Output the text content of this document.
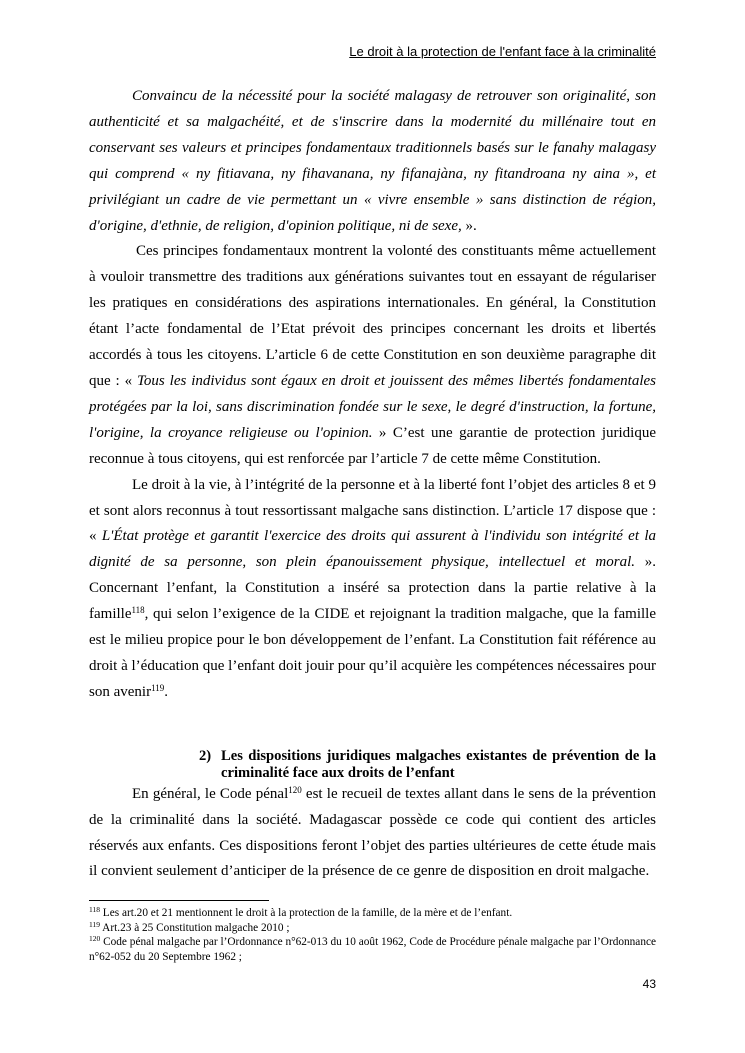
Le droit à la protection de l'enfant face à la criminalité

Convaincu de la nécessité pour la société malagasy de retrouver son originalité, son authenticité et sa malgachéité, et de s'inscrire dans la modernité du millénaire tout en conservant ses valeurs et principes fondamentaux traditionnels basés sur le fanahy malagasy qui comprend « ny fitiavana, ny fihavanana, ny fifanajàna, ny fitandroana ny aina », et privilégiant un cadre de vie permettant un « vivre ensemble » sans distinction de région, d'origine, d'ethnie, de religion, d'opinion politique, ni de sexe, ».

Ces principes fondamentaux montrent la volonté des constituants même actuellement à vouloir transmettre des traditions aux générations suivantes tout en essayant de régulariser les pratiques en considérations des aspirations internationales. En général, la Constitution étant l’acte fondamental de l’Etat prévoit des principes concernant les droits et libertés accordés à tous les citoyens. L’article 6 de cette Constitution en son deuxième paragraphe dit que : « Tous les individus sont égaux en droit et jouissent des mêmes libertés fondamentales protégées par la loi, sans discrimination fondée sur le sexe, le degré d'instruction, la fortune, l'origine, la croyance religieuse ou l'opinion. » C’est une garantie de protection juridique reconnue à tous citoyens, qui est renforcée par l’article 7 de cette même Constitution.

Le droit à la vie, à l’intégrité de la personne et à la liberté font l’objet des articles 8 et 9 et sont alors reconnus à tout ressortissant malgache sans distinction. L’article 17 dispose que : « L'État protège et garantit l'exercice des droits qui assurent à l'individu son intégrité et la dignité de sa personne, son plein épanouissement physique, intellectuel et moral. ». Concernant l’enfant, la Constitution a inséré sa protection dans la partie relative à la famille$^{118}$, qui selon l’exigence de la CIDE et rejoignant la tradition malgache, que la famille est le milieu propice pour le bon développement de l’enfant. La Constitution fait référence au droit à l’éducation que l’enfant doit jouir pour qu’il acquière les compétences nécessaires pour son avenir$^{119}$.

2) Les dispositions juridiques malgaches existantes de prévention de la criminalité face aux droits de l’enfant

En général, le Code pénal$^{120}$ est le recueil de textes allant dans le sens de la prévention de la criminalité dans la société. Madagascar possède ce code qui contient des articles réservés aux enfants. Ces dispositions feront l’objet des parties ultérieures de cette étude mais il convient seulement d’anticiper de la présence de ce genre de disposition en droit malgache.

$^{118}$ Les art.20 et 21 mentionnent le droit à la protection de la famille, de la mère et de l’enfant.
$^{119}$ Art.23 à 25 Constitution malgache 2010 ;
$^{120}$ Code pénal malgache par l’Ordonnance n°62-013 du 10 août 1962, Code de Procédure pénale malgache par l’Ordonnance n°62-052 du 20 Septembre 1962 ;
43
